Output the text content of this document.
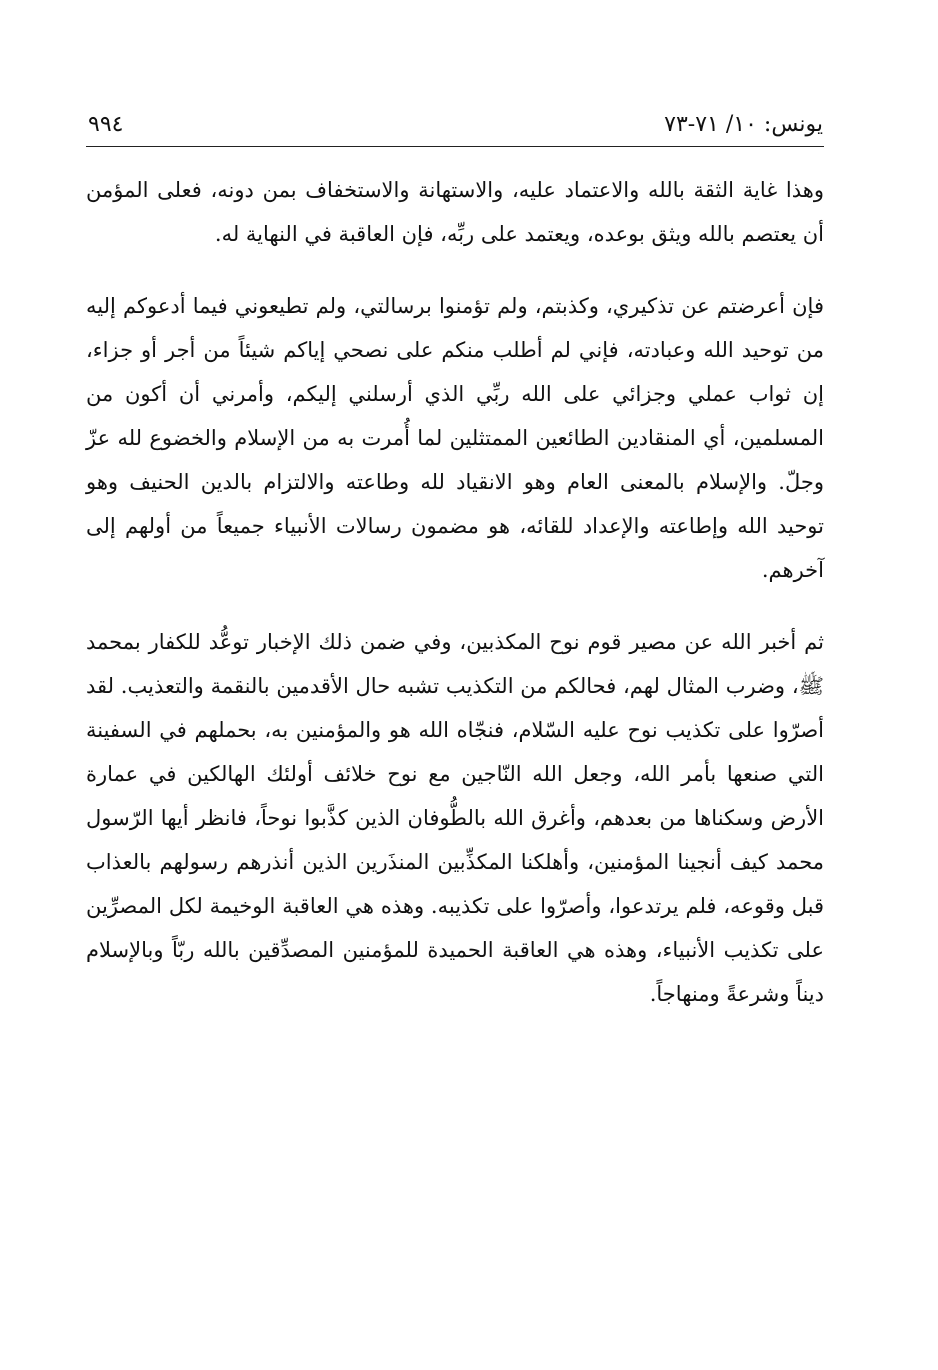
يونس: ١٠/ ٧١-٧٣
٩٩٤

وهذا غاية الثقة بالله والاعتماد عليه، والاستهانة والاستخفاف بمن دونه، فعلى المؤمن أن يعتصم بالله ويثق بوعده، ويعتمد على ربِّه، فإن العاقبة في النهاية له.

فإن أعرضتم عن تذكيري، وكذبتم، ولم تؤمنوا برسالتي، ولم تطيعوني فيما أدعوكم إليه من توحيد الله وعبادته، فإني لم أطلب منكم على نصحي إياكم شيئاً من أجر أو جزاء، إن ثواب عملي وجزائي على الله ربِّي الذي أرسلني إليكم، وأمرني أن أكون من المسلمين، أي المنقادين الطائعين الممتثلين لما أُمرت به من الإسلام والخضوع لله عزّ وجلّ. والإسلام بالمعنى العام وهو الانقياد لله وطاعته والالتزام بالدين الحنيف وهو توحيد الله وإطاعته والإعداد للقائه، هو مضمون رسالات الأنبياء جميعاً من أولهم إلى آخرهم.

ثم أخبر الله عن مصير قوم نوح المكذبين، وفي ضمن ذلك الإخبار توعُّد للكفار بمحمد ﷺ، وضرب المثال لهم، فحالكم من التكذيب تشبه حال الأقدمين بالنقمة والتعذيب. لقد أصرّوا على تكذيب نوح عليه السّلام، فنجّاه الله هو والمؤمنين به، بحملهم في السفينة التي صنعها بأمر الله، وجعل الله النّاجين مع نوح خلائف أولئك الهالكين في عمارة الأرض وسكناها من بعدهم، وأغرق الله بالطُّوفان الذين كذَّبوا نوحاً، فانظر أيها الرّسول محمد كيف أنجينا المؤمنين، وأهلكنا المكذِّبين المنذَرين الذين أنذرهم رسولهم بالعذاب قبل وقوعه، فلم يرتدعوا، وأصرّوا على تكذيبه. وهذه هي العاقبة الوخيمة لكل المصرِّين على تكذيب الأنبياء، وهذه هي العاقبة الحميدة للمؤمنين المصدِّقين بالله ربّاً وبالإسلام ديناً وشرعةً ومنهاجاً.
